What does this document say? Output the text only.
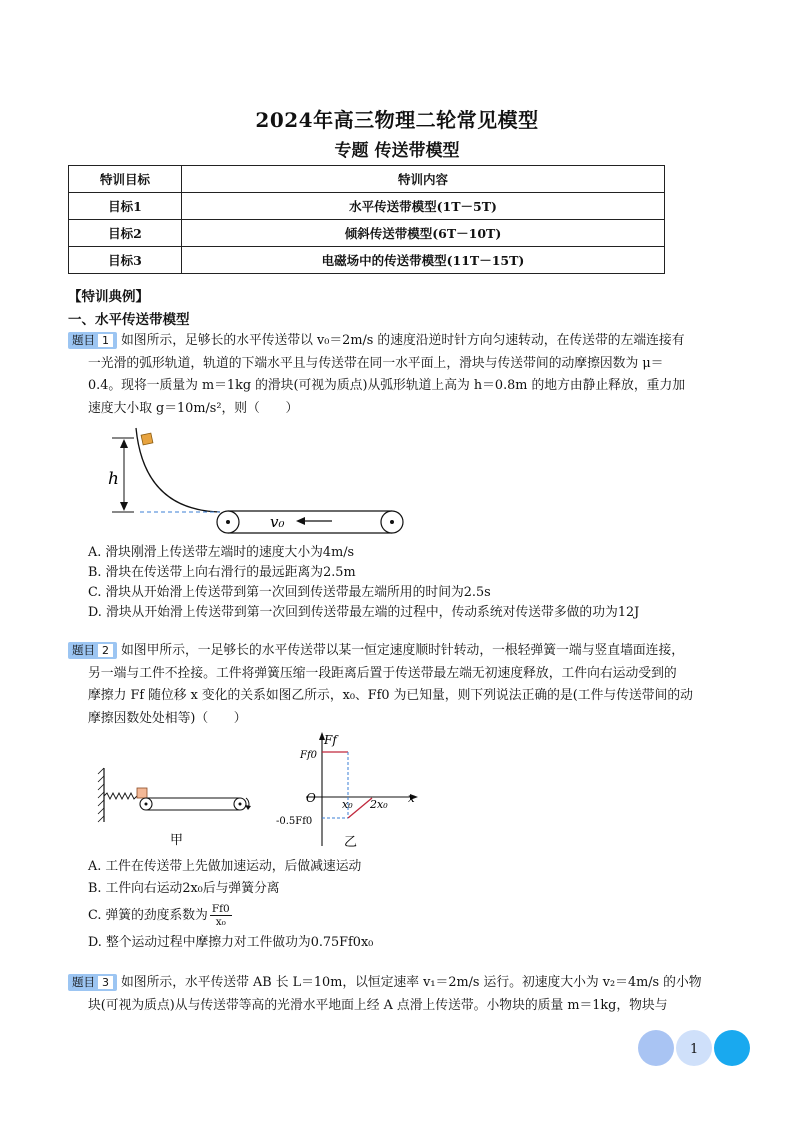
2024年高三物理二轮常见模型
专题 传送带模型
特训目标	特训内容
目标1	水平传送带模型(1T－5T)
目标2	倾斜传送带模型(6T－10T)
目标3	电磁场中的传送带模型(11T－15T)
【特训典例】
一、水平传送带模型
题目 1 如图所示，足够长的水平传送带以 v₀＝2m/s 的速度沿逆时针方向匀速转动，在传送带的左端连接有
一光滑的弧形轨道，轨道的下端水平且与传送带在同一水平面上，滑块与传送带间的动摩擦因数为 μ＝
0.4。现将一质量为 m＝1kg 的滑块(可视为质点)从弧形轨道上高为 h＝0.8m 的地方由静止释放，重力加
速度大小取 g＝10m/s²，则（　　）
h
v₀
A. 滑块刚滑上传送带左端时的速度大小为4m/s
B. 滑块在传送带上向右滑行的最远距离为2.5m
C. 滑块从开始滑上传送带到第一次回到传送带最左端所用的时间为2.5s
D. 滑块从开始滑上传送带到第一次回到传送带最左端的过程中，传动系统对传送带多做的功为12J
题目 2 如图甲所示，一足够长的水平传送带以某一恒定速度顺时针转动，一根轻弹簧一端与竖直墙面连接，
另一端与工件不拴接。工件将弹簧压缩一段距离后置于传送带最左端无初速度释放，工件向右运动受到的
摩擦力 Ff 随位移 x 变化的关系如图乙所示，x₀、Ff0 为已知量，则下列说法正确的是(工件与传送带间的动
摩擦因数处处相等)（　　）
甲
Ff
Ff0
O	x
-0.5Ff0
x₀ 2x₀
乙
A. 工件在传送带上先做加速运动，后做减速运动
B. 工件向右运动2x₀后与弹簧分离
C. 弹簧的劲度系数为 $\frac{Ff0}{\text{x₀}}$
D. 整个运动过程中摩擦力对工件做功为0.75Ff0x₀
题目 3 如图所示，水平传送带 AB 长 L＝10m，以恒定速率 v₁＝2m/s 运行。初速度大小为 v₂＝4m/s 的小物
块(可视为质点)从与传送带等高的光滑水平地面上经 A 点滑上传送带。小物块的质量 m＝1kg，物块与
1
